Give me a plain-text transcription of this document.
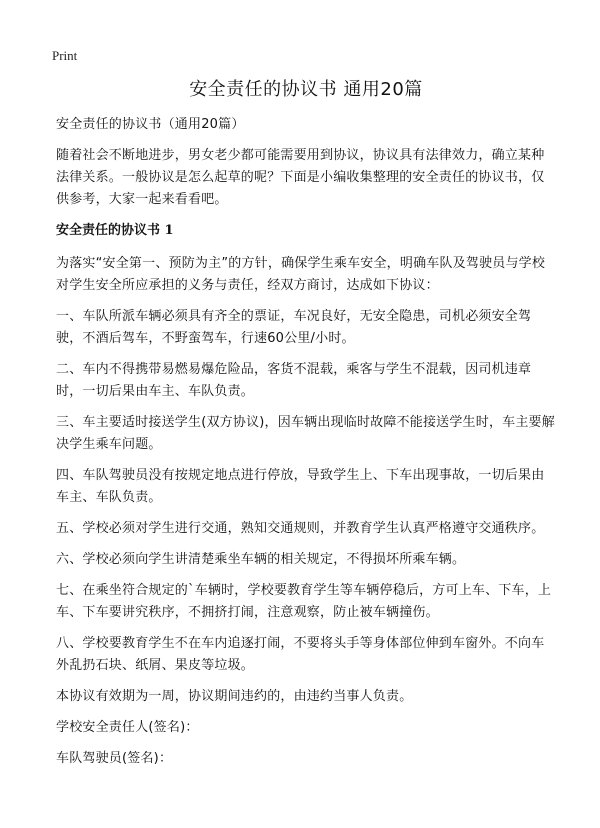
Print
安全责任的协议书 通用20篇

安全责任的协议书（通用20篇）

随着社会不断地进步，男女老少都可能需要用到协议，协议具有法律效力，确立某种法律关系。一般协议是怎么起草的呢？下面是小编收集整理的安全责任的协议书，仅供参考，大家一起来看看吧。

安全责任的协议书 1

为落实“安全第一、预防为主”的方针，确保学生乘车安全，明确车队及驾驶员与学校对学生安全所应承担的义务与责任，经双方商讨，达成如下协议：

一、车队所派车辆必须具有齐全的票证，车况良好，无安全隐患，司机必须安全驾驶，不酒后驾车，不野蛮驾车，行速60公里/小时。

二、车内不得携带易燃易爆危险品，客货不混载，乘客与学生不混载，因司机违章时，一切后果由车主、车队负责。

三、车主要适时接送学生(双方协议)，因车辆出现临时故障不能接送学生时，车主要解决学生乘车问题。

四、车队驾驶员没有按规定地点进行停放，导致学生上、下车出现事故，一切后果由车主、车队负责。

五、学校必须对学生进行交通，熟知交通规则，并教育学生认真严格遵守交通秩序。

六、学校必须向学生讲清楚乘坐车辆的相关规定，不得损坏所乘车辆。

七、在乘坐符合规定的`车辆时，学校要教育学生等车辆停稳后，方可上车、下车，上车、下车要讲究秩序，不拥挤打闹，注意观察，防止被车辆撞伤。

八、学校要教育学生不在车内追逐打闹，不要将头手等身体部位伸到车窗外。不向车外乱扔石块、纸屑、果皮等垃圾。

本协议有效期为一周，协议期间违约的，由违约当事人负责。

学校安全责任人(签名)：

车队驾驶员(签名)：
